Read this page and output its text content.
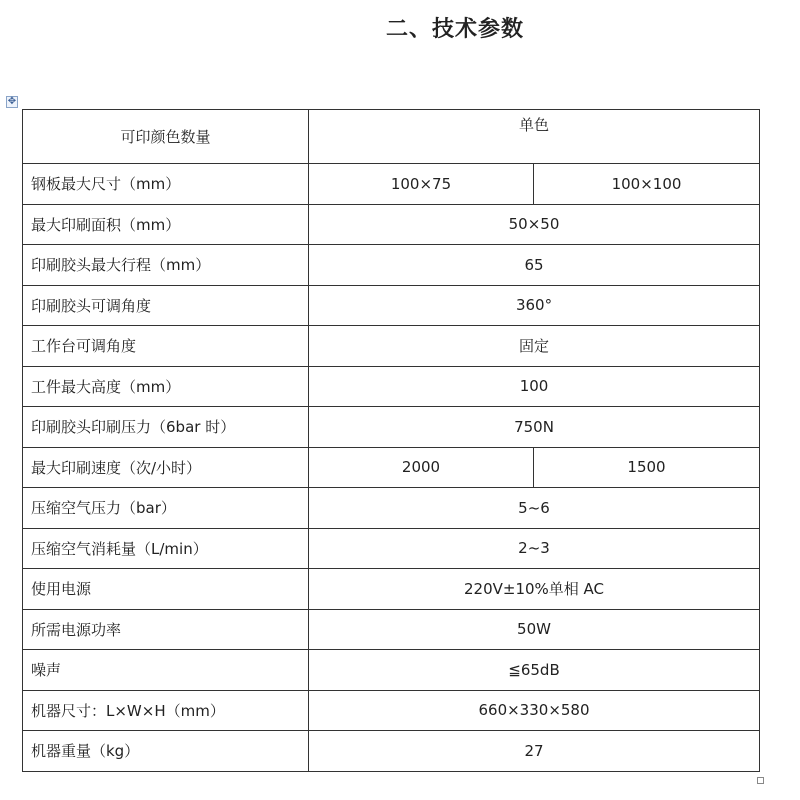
二、技术参数
✥
可印颜色数量	单色	
钢板最大尺寸（mm）	100×75	100×100
最大印刷面积（mm）	50×50	
印刷胶头最大行程（mm）	65	
印刷胶头可调角度	360°	
工作台可调角度	固定	
工件最大高度（mm）	100	
印刷胶头印刷压力（6bar 时）	750N	
最大印刷速度（次/小时）	2000	1500
压缩空气压力（bar）	5~6	
压缩空气消耗量（L/min）	2~3	
使用电源	220V±10%单相 AC	
所需电源功率	50W	
噪声	≦65dB	
机器尺寸：L×W×H（mm）	660×330×580	
机器重量（kg）	27	
